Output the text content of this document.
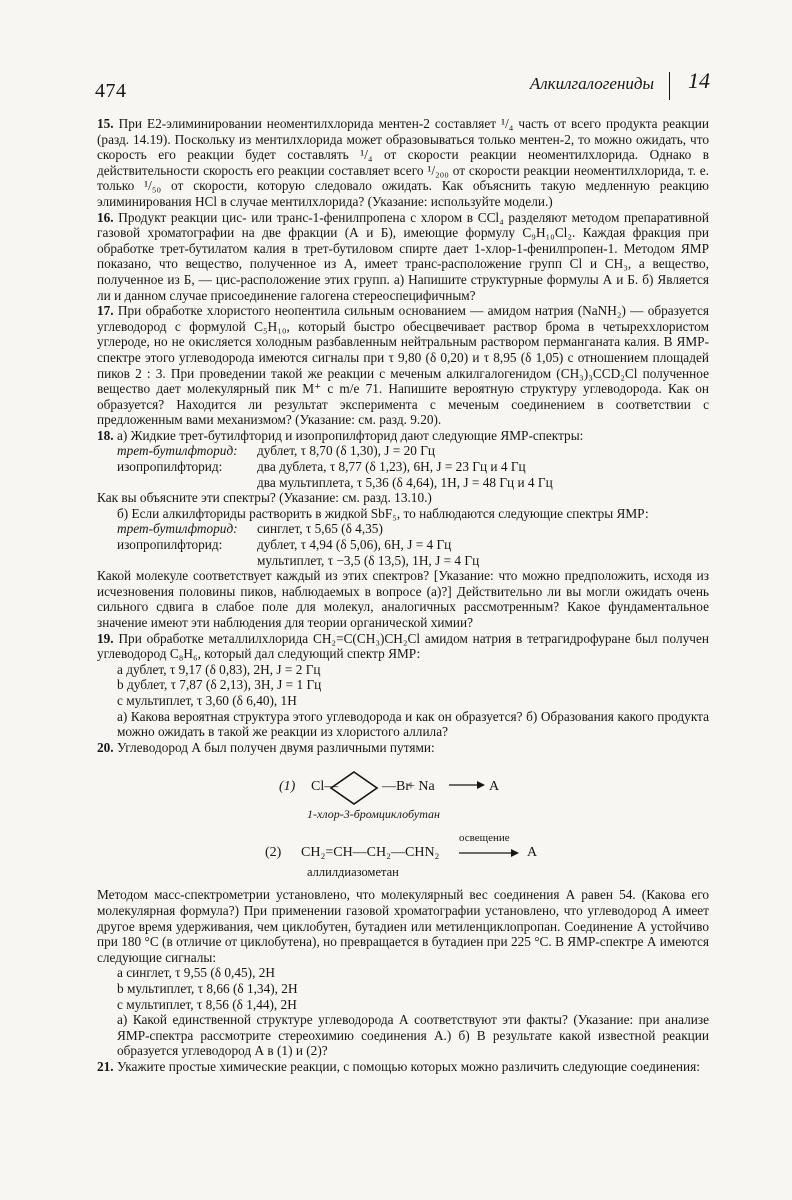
474	Алкилгалогениды 14

15. При E2-элиминировании неоментилхлорида ментен-2 составляет ¹/₄ часть от всего продукта реакции (разд. 14.19). Поскольку из ментилхлорида может образовываться только ментен-2, то можно ожидать, что скорость его реакции будет составлять ¹/₄ от скорости реакции неоментилхлорида. Однако в действительности скорость его реакции составляет всего ¹/₂₀₀ от скорости реакции неоментилхлорида, т. е. только ¹/₅₀ от скорости, которую следовало ожидать. Как объяснить такую медленную реакцию элиминирования HCl в случае ментилхлорида? (Указание: используйте модели.)

16. Продукт реакции цис- или транс-1-фенилпропена с хлором в CCl₄ разделяют методом препаративной газовой хроматографии на две фракции (А и Б), имеющие формулу C₉H₁₀Cl₂. Каждая фракция при обработке трет-бутилатом калия в трет-бутиловом спирте дает 1-хлор-1-фенилпропен-1. Методом ЯМР показано, что вещество, полученное из А, имеет транс-расположение групп Cl и CH₃, а вещество, полученное из Б, — цис-расположение этих групп. а) Напишите структурные формулы А и Б. б) Является ли и данном случае присоединение галогена стереоспецифичным?

17. При обработке хлористого неопентила сильным основанием — амидом натрия (NaNH₂) — образуется углеводород с формулой C₅H₁₀, который быстро обесцвечивает раствор брома в четыреххлористом углероде, но не окисляется холодным разбавленным нейтральным раствором перманганата калия. В ЯМР-спектре этого углеводорода имеются сигналы при τ 9,80 (δ 0,20) и τ 8,95 (δ 1,05) с отношением площадей пиков 2 : 3. При проведении такой же реакции с меченым алкилгалогенидом (CH₃)₃CCD₂Cl полученное вещество дает молекулярный пик M⁺ с m/e 71. Напишите вероятную структуру углеводорода. Как он образуется? Находится ли результат эксперимента с меченым соединением в соответствии с предложенным вами механизмом? (Указание: см. разд. 9.20).

18. а) Жидкие трет-бутилфторид и изопропилфторид дают следующие ЯМР-спектры:

трет-бутилфторид:	дублет, τ 8,70 (δ 1,30), J = 20 Гц
изопропилфторид:	два дублета, τ 8,77 (δ 1,23), 6H, J = 23 Гц и 4 Гц
два мультиплета, τ 5,36 (δ 4,64), 1H, J = 48 Гц и 4 Гц

Как вы объясните эти спектры? (Указание: см. разд. 13.10.)

б) Если алкилфториды растворить в жидкой SbF₅, то наблюдаются следующие спектры ЯМР:

трет-бутилфторид:	синглет, τ 5,65 (δ 4,35)
изопропилфторид:	дублет, τ 4,94 (δ 5,06), 6H, J = 4 Гц
мультиплет, τ −3,5 (δ 13,5), 1H, J = 4 Гц

Какой молекуле соответствует каждый из этих спектров? [Указание: что можно предположить, исходя из исчезновения половины пиков, наблюдаемых в вопросе (а)?] Действительно ли вы могли ожидать очень сильного сдвига в слабое поле для молекул, аналогичных рассмотренным? Какое фундаментальное значение имеют эти наблюдения для теории органической химии?

19. При обработке металлилхлорида CH₂=C(CH₃)CH₂Cl амидом натрия в тетрагидрофуране был получен углеводород C₈H₆, который дал следующий спектр ЯМР:

a дублет, τ 9,17 (δ 0,83), 2H, J = 2 Гц
b дублет, τ 7,87 (δ 2,13), 3H, J = 1 Гц
c мультиплет, τ 3,60 (δ 6,40), 1H

а) Какова вероятная структура этого углеводорода и как он образуется? б) Образования какого продукта можно ожидать в такой же реакции из хлористого аллила?

20. Углеводород А был получен двумя различными путями:

(1) Cl—	—Br
+ Na → A
1-хлор-3-бромциклобутан
(2) CH₂=CH—CH₂—CHN₂
освещение
A
аллилдиазометан

Методом масс-спектрометрии установлено, что молекулярный вес соединения А равен 54. (Какова его молекулярная формула?) При применении газовой хроматографии установлено, что углеводород А имеет другое время удерживания, чем циклобутен, бутадиен или метиленциклопропан. Соединение А устойчиво при 180 °С (в отличие от циклобутена), но превращается в бутадиен при 225 °С. В ЯМР-спектре А имеются следующие сигналы:

a синглет, τ 9,55 (δ 0,45), 2H
b мультиплет, τ 8,66 (δ 1,34), 2H
c мультиплет, τ 8,56 (δ 1,44), 2H

а) Какой единственной структуре углеводорода А соответствуют эти факты? (Указание: при анализе ЯМР-спектра рассмотрите стереохимию соединения А.) б) В результате какой известной реакции образуется углеводород А в (1) и (2)?

21. Укажите простые химические реакции, с помощью которых можно различить следующие соединения:
